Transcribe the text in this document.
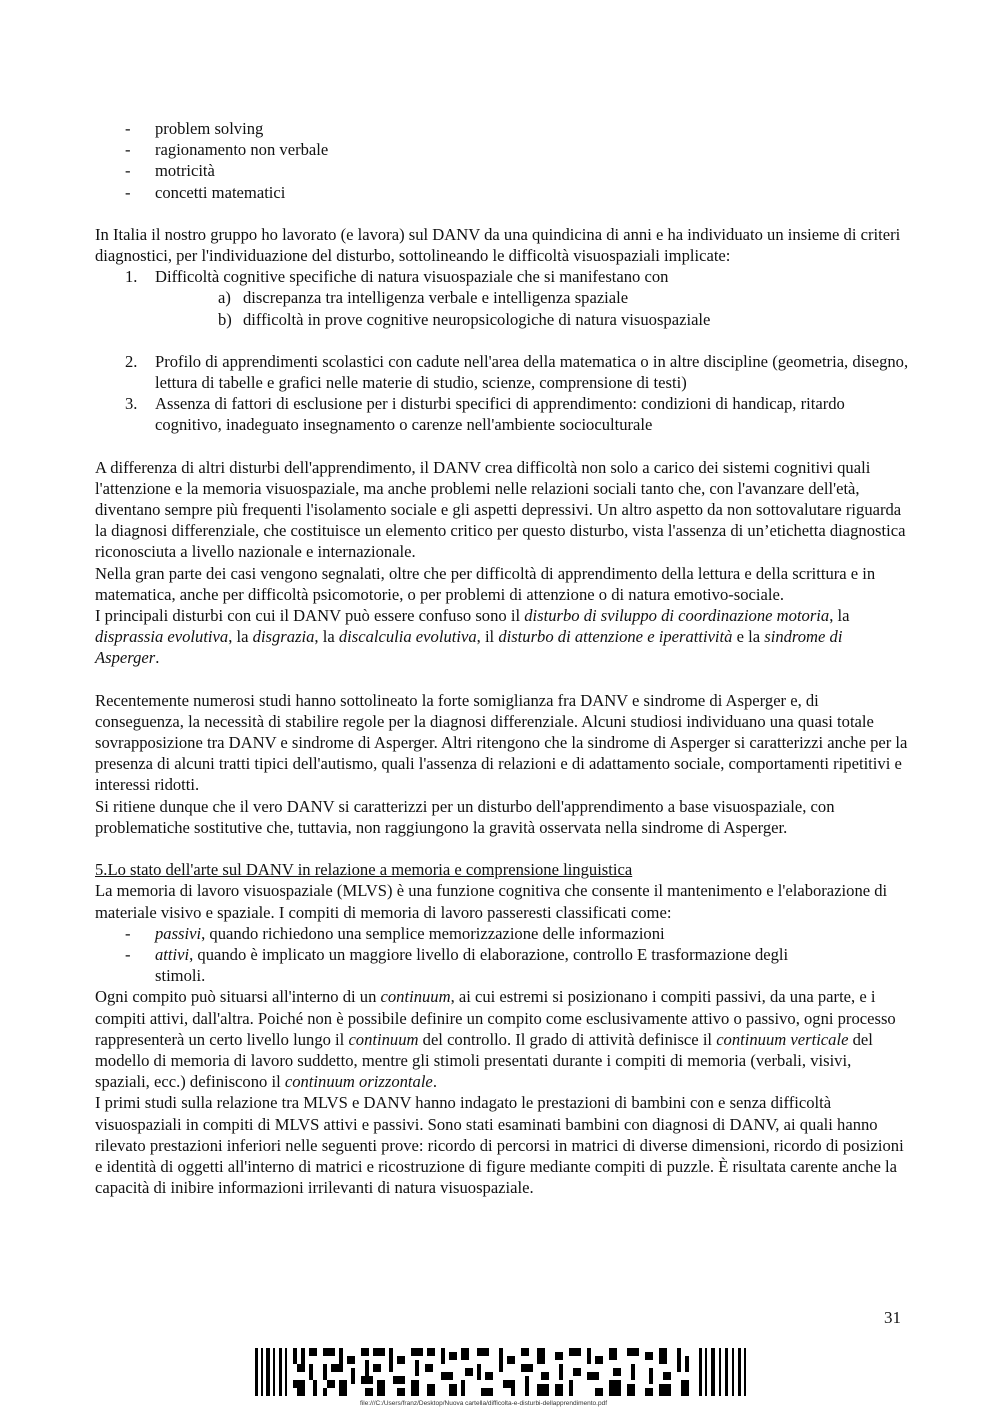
- problem solving
- ragionamento non verbale
- motricità
- concetti matematici

In Italia il nostro gruppo ho lavorato (e lavora) sul DANV da una quindicina di anni e ha individuato un insieme di criteri diagnostici, per l'individuazione del disturbo, sottolineando le difficoltà visuospaziali implicate:

1. Difficoltà cognitive specifiche di natura visuospaziale che si manifestano con
a) discrepanza tra intelligenza verbale e intelligenza spaziale
b) difficoltà in prove cognitive neuropsicologiche di natura visuospaziale
2. Profilo di apprendimenti scolastici con cadute nell'area della matematica o in altre discipline (geometria, disegno, lettura di tabelle e grafici nelle materie di studio, scienze, comprensione di testi)
3. Assenza di fattori di esclusione per i disturbi specifici di apprendimento: condizioni di handicap, ritardo cognitivo, inadeguato insegnamento o carenze nell'ambiente socioculturale

A differenza di altri disturbi dell'apprendimento, il DANV crea difficoltà non solo a carico dei sistemi cognitivi quali l'attenzione e la memoria visuospaziale, ma anche problemi nelle relazioni sociali tanto che, con l'avanzare dell'età, diventano sempre più frequenti l'isolamento sociale e gli aspetti depressivi. Un altro aspetto da non sottovalutare riguarda la diagnosi differenziale, che costituisce un elemento critico per questo disturbo, vista l'assenza di un’etichetta diagnostica riconosciuta a livello nazionale e internazionale.

Nella gran parte dei casi vengono segnalati, oltre che per difficoltà di apprendimento della lettura e della scrittura e in matematica, anche per difficoltà psicomotorie, o per problemi di attenzione o di natura emotivo-sociale.

I principali disturbi con cui il DANV può essere confuso sono il disturbo di sviluppo di coordinazione motoria, la disprassia evolutiva, la disgrazia, la discalculia evolutiva, il disturbo di attenzione e iperattività e la sindrome di Asperger.

Recentemente numerosi studi hanno sottolineato la forte somiglianza fra DANV e sindrome di Asperger e, di conseguenza, la necessità di stabilire regole per la diagnosi differenziale. Alcuni studiosi individuano una quasi totale sovrapposizione tra DANV e sindrome di Asperger. Altri ritengono che la sindrome di Asperger si caratterizzi anche per la presenza di alcuni tratti tipici dell'autismo, quali l'assenza di relazioni e di adattamento sociale, comportamenti ripetitivi e interessi ridotti.

Si ritiene dunque che il vero DANV si caratterizzi per un disturbo dell'apprendimento a base visuospaziale, con problematiche sostitutive che, tuttavia, non raggiungono la gravità osservata nella sindrome di Asperger.

5.Lo stato dell'arte sul DANV in relazione a memoria e comprensione linguistica

La memoria di lavoro visuospaziale (MLVS) è una funzione cognitiva che consente il mantenimento e l'elaborazione di materiale visivo e spaziale. I compiti di memoria di lavoro passeresti classificati come:

- passivi, quando richiedono una semplice memorizzazione delle informazioni
- attivi, quando è implicato un maggiore livello di elaborazione, controllo E trasformazione degli
stimoli.

Ogni compito può situarsi all'interno di un continuum, ai cui estremi si posizionano i compiti passivi, da una parte, e i compiti attivi, dall'altra. Poiché non è possibile definire un compito come esclusivamente attivo o passivo, ogni processo rappresenterà un certo livello lungo il continuum del controllo. Il grado di attività definisce il continuum verticale del modello di memoria di lavoro suddetto, mentre gli stimoli presentati durante i compiti di memoria (verbali, visivi, spaziali, ecc.) definiscono il continuum orizzontale.

I primi studi sulla relazione tra MLVS e DANV hanno indagato le prestazioni di bambini con e senza difficoltà visuospaziali in compiti di MLVS attivi e passivi. Sono stati esaminati bambini con diagnosi di DANV, ai quali hanno rilevato prestazioni inferiori nelle seguenti prove: ricordo di percorsi in matrici di diverse dimensioni, ricordo di posizioni e identità di oggetti all'interno di matrici e ricostruzione di figure mediante compiti di puzzle. È risultata carente anche la capacità di inibire informazioni irrilevanti di natura visuospaziale.

31
file:///C:/Users/franz/Desktop/Nuova cartella/difficolta-e-disturbi-dellapprendimento.pdf
